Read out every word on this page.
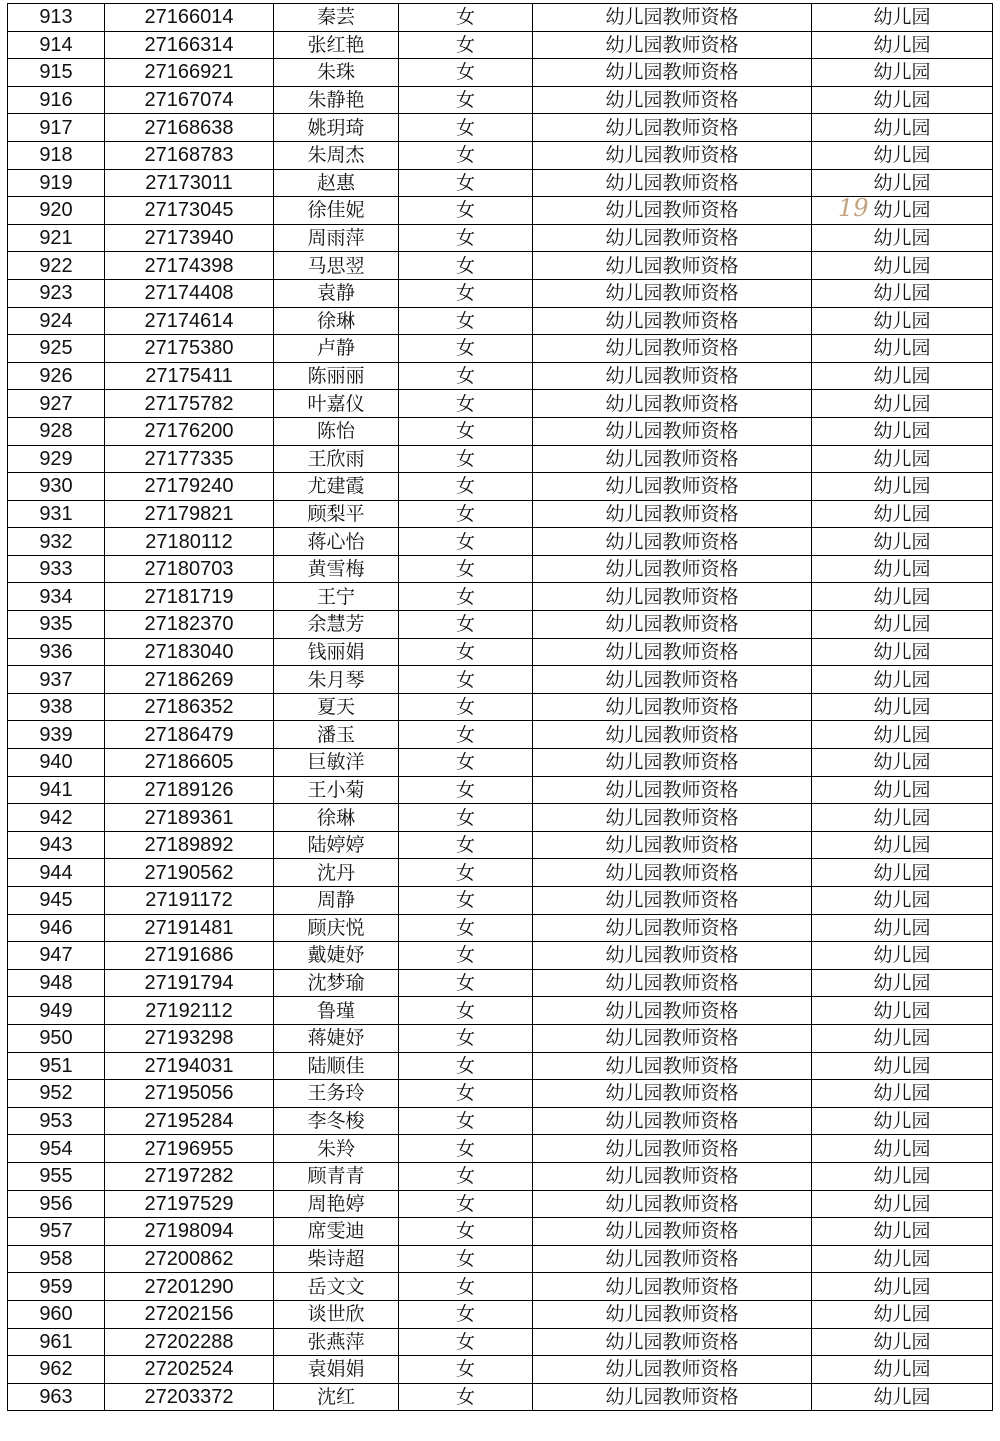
913	27166014	秦芸	女	幼儿园教师资格	幼儿园
914	27166314	张红艳	女	幼儿园教师资格	幼儿园
915	27166921	朱珠	女	幼儿园教师资格	幼儿园
916	27167074	朱静艳	女	幼儿园教师资格	幼儿园
917	27168638	姚玥琦	女	幼儿园教师资格	幼儿园
918	27168783	朱周杰	女	幼儿园教师资格	幼儿园
919	27173011	赵惠	女	幼儿园教师资格	幼儿园
920	27173045	徐佳妮	女	幼儿园教师资格	幼儿园
921	27173940	周雨萍	女	幼儿园教师资格	幼儿园
922	27174398	马思翌	女	幼儿园教师资格	幼儿园
923	27174408	袁静	女	幼儿园教师资格	幼儿园
924	27174614	徐琳	女	幼儿园教师资格	幼儿园
925	27175380	卢静	女	幼儿园教师资格	幼儿园
926	27175411	陈丽丽	女	幼儿园教师资格	幼儿园
927	27175782	叶嘉仪	女	幼儿园教师资格	幼儿园
928	27176200	陈怡	女	幼儿园教师资格	幼儿园
929	27177335	王欣雨	女	幼儿园教师资格	幼儿园
930	27179240	尤建霞	女	幼儿园教师资格	幼儿园
931	27179821	顾梨平	女	幼儿园教师资格	幼儿园
932	27180112	蒋心怡	女	幼儿园教师资格	幼儿园
933	27180703	黄雪梅	女	幼儿园教师资格	幼儿园
934	27181719	王宁	女	幼儿园教师资格	幼儿园
935	27182370	余慧芳	女	幼儿园教师资格	幼儿园
936	27183040	钱丽娟	女	幼儿园教师资格	幼儿园
937	27186269	朱月琴	女	幼儿园教师资格	幼儿园
938	27186352	夏天	女	幼儿园教师资格	幼儿园
939	27186479	潘玉	女	幼儿园教师资格	幼儿园
940	27186605	巨敏洋	女	幼儿园教师资格	幼儿园
941	27189126	王小菊	女	幼儿园教师资格	幼儿园
942	27189361	徐琳	女	幼儿园教师资格	幼儿园
943	27189892	陆婷婷	女	幼儿园教师资格	幼儿园
944	27190562	沈丹	女	幼儿园教师资格	幼儿园
945	27191172	周静	女	幼儿园教师资格	幼儿园
946	27191481	顾庆悦	女	幼儿园教师资格	幼儿园
947	27191686	戴婕妤	女	幼儿园教师资格	幼儿园
948	27191794	沈梦瑜	女	幼儿园教师资格	幼儿园
949	27192112	鲁瑾	女	幼儿园教师资格	幼儿园
950	27193298	蒋婕妤	女	幼儿园教师资格	幼儿园
951	27194031	陆顺佳	女	幼儿园教师资格	幼儿园
952	27195056	王务玲	女	幼儿园教师资格	幼儿园
953	27195284	李冬梭	女	幼儿园教师资格	幼儿园
954	27196955	朱羚	女	幼儿园教师资格	幼儿园
955	27197282	顾青青	女	幼儿园教师资格	幼儿园
956	27197529	周艳婷	女	幼儿园教师资格	幼儿园
957	27198094	席雯迪	女	幼儿园教师资格	幼儿园
958	27200862	柴诗超	女	幼儿园教师资格	幼儿园
959	27201290	岳文文	女	幼儿园教师资格	幼儿园
960	27202156	谈世欣	女	幼儿园教师资格	幼儿园
961	27202288	张燕萍	女	幼儿园教师资格	幼儿园
962	27202524	袁娟娟	女	幼儿园教师资格	幼儿园
963	27203372	沈红	女	幼儿园教师资格	幼儿园
19
